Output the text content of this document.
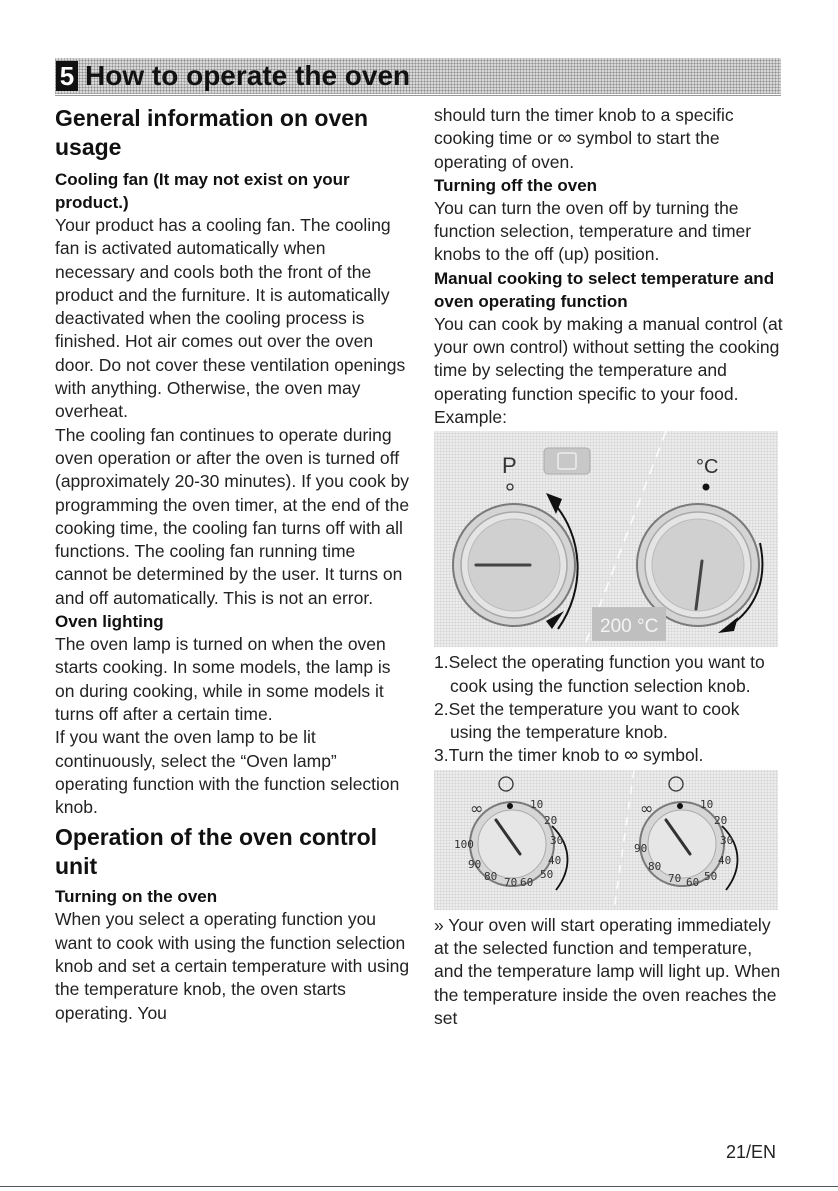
5 How to operate the oven
General information on oven usage
Cooling fan (It may not exist on your product.)

Your product has a cooling fan. The cooling fan is activated automatically when necessary and cools both the front of the product and the furniture. It is automatically deactivated when the cooling process is finished. Hot air comes out over the oven door. Do not cover these ventilation openings with anything. Otherwise, the oven may overheat.

The cooling fan continues to operate during oven operation or after the oven is turned off (approximately 20-30 minutes). If you cook by programming the oven timer, at the end of the cooking time, the cooling fan turns off with all functions. The cooling fan running time cannot be determined by the user. It turns on and off automatically. This is not an error.

Oven lighting

The oven lamp is turned on when the oven starts cooking. In some models, the lamp is on during cooking, while in some models it turns off after a certain time.

If you want the oven lamp to be lit continuously, select the “Oven lamp” operating function with the function selection knob.

Operation of the oven control unit
Turning on the oven

When you select a operating function you want to cook with using the function selection knob and set a certain temperature with using the temperature knob, the oven starts operating. You

should turn the timer knob to a specific cooking time or ∞ symbol to start the operating of oven.

Turning off the oven

You can turn the oven off by turning the function selection, temperature and timer knobs to the off (up) position.

Manual cooking to select temperature and oven operating function

You can cook by making a manual control (at your own control) without setting the cooking time by selecting the temperature and operating function specific to your food.

Example:

P	°C
200 °C
1.Select the operating function you want to cook using the function selection knob.
2.Set the temperature you want to cook using the temperature knob.
3.Turn the timer knob to ∞ symbol.
∞	10
20
30
40
50
60
70
80
90
100
∞	10
20
30
40
50
60
70
80
90

» Your oven will start operating immediately at the selected function and temperature, and the temperature lamp will light up. When the temperature inside the oven reaches the set

21/EN
